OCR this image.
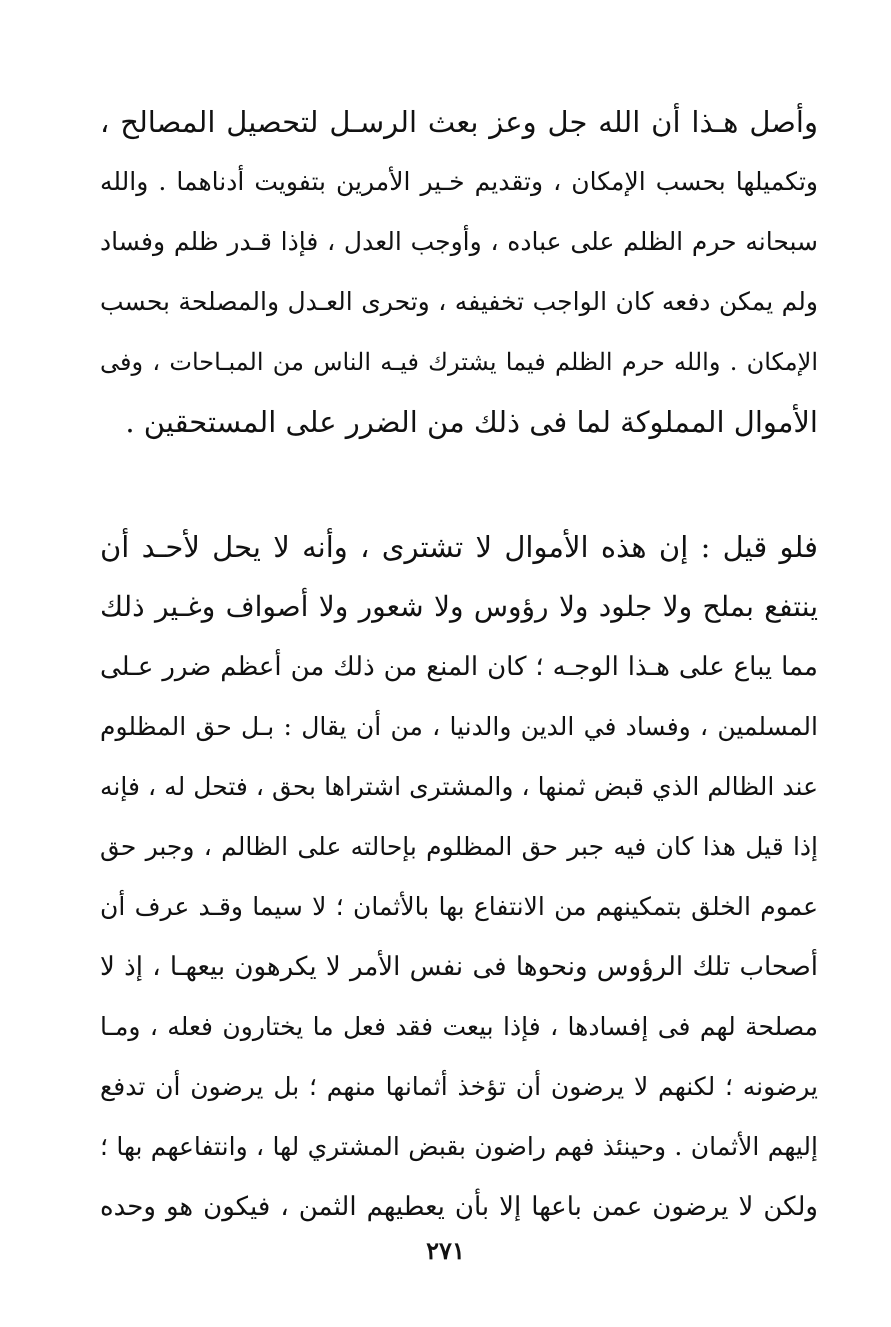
وأصل هـذا أن الله جل وعز بعث الرسـل لتحصيل المصالح ،
وتكميلها بحسب الإمكان ، وتقديم خـير الأمرين بتفويت أدناهما . والله
سبحانه حرم الظلم على عباده ، وأوجب العدل ، فإذا قـدر ظلم وفساد
ولم يمكن دفعه كان الواجب تخفيفه ، وتحرى العـدل والمصلحة بحسب
الإمكان . والله حرم الظلم فيما يشترك فيـه الناس من المبـاحات ، وفى
الأموال المملوكة لما فى ذلك من الضرر على المستحقين .
فلو قيل : إن هذه الأموال لا تشترى ، وأنه لا يحل لأحـد أن
ينتفع بملح ولا جلود ولا رؤوس ولا شعور ولا أصواف وغـير ذلك
مما يباع على هـذا الوجـه ؛ كان المنع من ذلك من أعظم ضرر عـلى
المسلمين ، وفساد في الدين والدنيا ، من أن يقال : بـل حق المظلوم
عند الظالم الذي قبض ثمنها ، والمشترى اشتراها بحق ، فتحل له ، فإنه
إذا قيل هذا كان فيه جبر حق المظلوم بإحالته على الظالم ، وجبر حق
عموم الخلق بتمكينهم من الانتفاع بها بالأثمان ؛ لا سيما وقـد عرف أن
أصحاب تلك الرؤوس ونحوها فى نفس الأمر لا يكرهون بيعهـا ، إذ لا
مصلحة لهم فى إفسادها ، فإذا بيعت فقد فعل ما يختارون فعله ، ومـا
يرضونه ؛ لكنهم لا يرضون أن تؤخذ أثمانها منهم ؛ بل يرضون أن تدفع
إليهم الأثمان . وحينئذ فهم راضون بقبض المشتري لها ، وانتفاعهم بها ؛
ولكن لا يرضون عمن باعها إلا بأن يعطيهم الثمن ، فيكون هو وحده
٢٧١
